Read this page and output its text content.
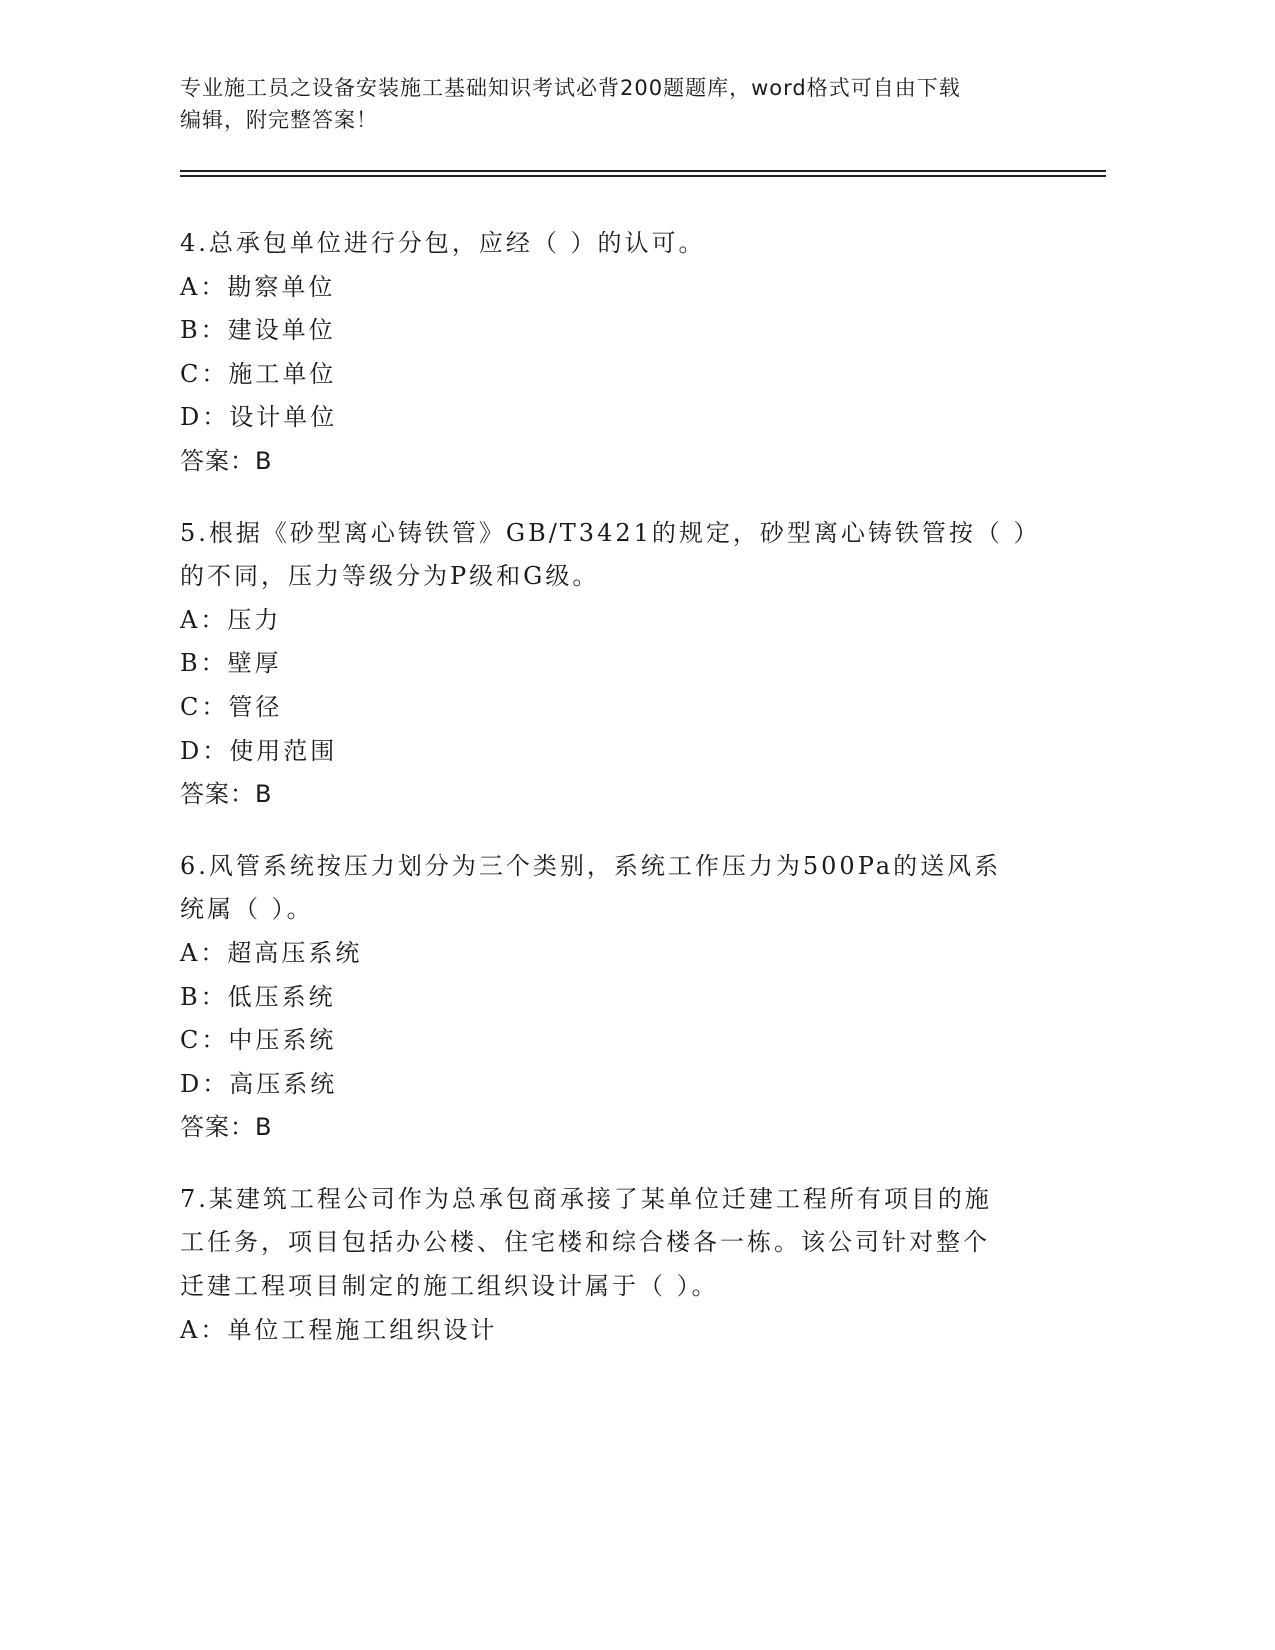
专业施工员之设备安装施工基础知识考试必背200题题库，word格式可自由下载
编辑，附完整答案！
4.总承包单位进行分包，应经（ ）的认可。
A：勘察单位
B：建设单位
C：施工单位
D：设计单位
答案：B
5.根据《砂型离心铸铁管》GB/T3421的规定，砂型离心铸铁管按（ ）
的不同，压力等级分为P级和G级。
A：压力
B：壁厚
C：管径
D：使用范围
答案：B
6.风管系统按压力划分为三个类别，系统工作压力为500Pa的送风系
统属（ ）。
A：超高压系统
B：低压系统
C：中压系统
D：高压系统
答案：B
7.某建筑工程公司作为总承包商承接了某单位迁建工程所有项目的施
工任务，项目包括办公楼、住宅楼和综合楼各一栋。该公司针对整个
迁建工程项目制定的施工组织设计属于（ ）。
A：单位工程施工组织设计
